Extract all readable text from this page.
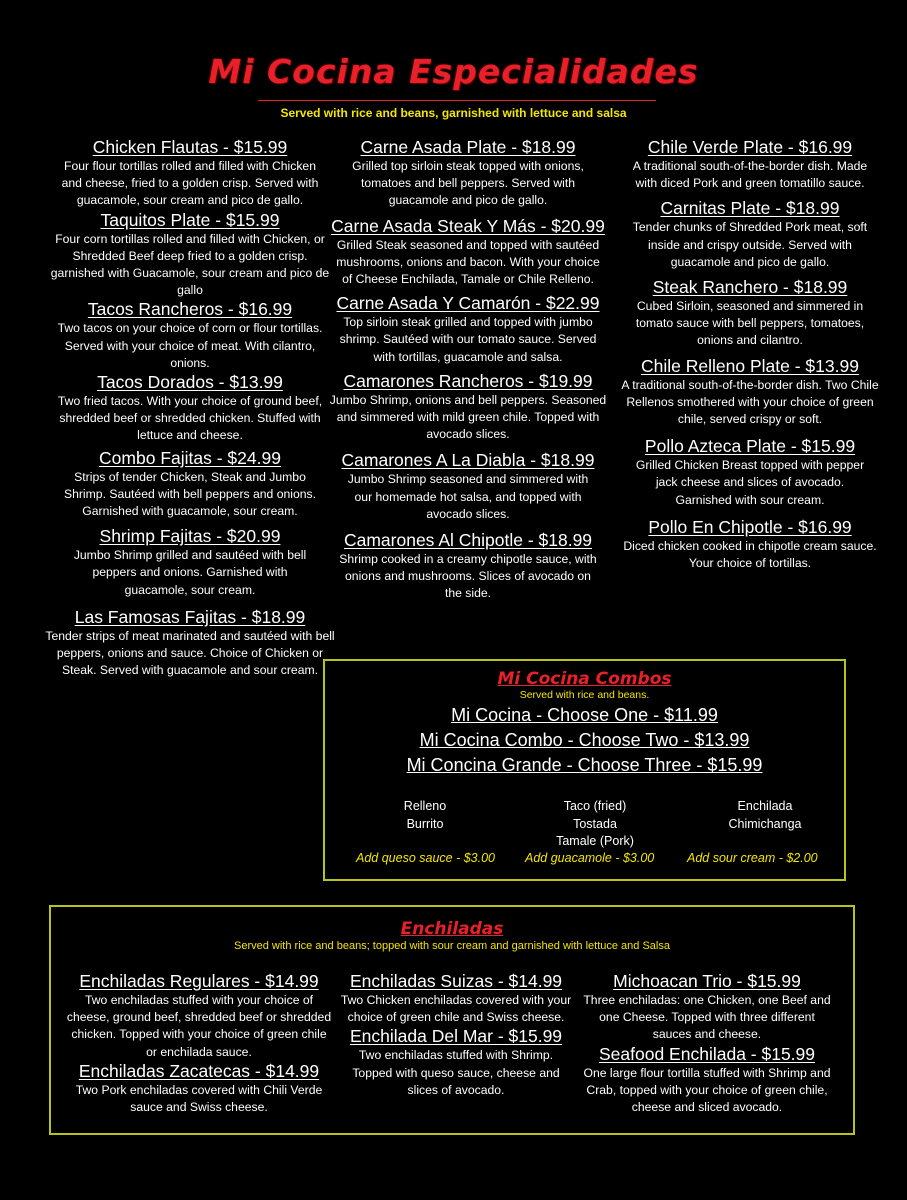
Mi Cocina Especialidades
Served with rice and beans, garnished with lettuce and salsa
Chicken Flautas - $15.99
Four flour tortillas rolled and filled with Chicken and cheese, fried to a golden crisp. Served with guacamole, sour cream and pico de gallo.
Taquitos Plate - $15.99
Four corn tortillas rolled and filled with Chicken, or Shredded Beef deep fried to a golden crisp. garnished with Guacamole, sour cream and pico de gallo
Tacos Rancheros - $16.99
Two tacos on your choice of corn or flour tortillas. Served with your choice of meat. With cilantro, onions.
Tacos Dorados - $13.99
Two fried tacos. With your choice of ground beef, shredded beef or shredded chicken. Stuffed with lettuce and cheese.
Combo Fajitas - $24.99
Strips of tender Chicken, Steak and Jumbo Shrimp. Sautéed with bell peppers and onions. Garnished with guacamole, sour cream.
Shrimp Fajitas - $20.99
Jumbo Shrimp grilled and sautéed with bell peppers and onions. Garnished with guacamole, sour cream.
Las Famosas Fajitas - $18.99
Tender strips of meat marinated and sautéed with bell peppers, onions and sauce. Choice of Chicken or Steak. Served with guacamole and sour cream.
Carne Asada Plate - $18.99
Grilled top sirloin steak topped with onions, tomatoes and bell peppers. Served with guacamole and pico de gallo.
Carne Asada Steak Y Más - $20.99
Grilled Steak seasoned and topped with sautéed mushrooms, onions and bacon. With your choice of Cheese Enchilada, Tamale or Chile Relleno.
Carne Asada Y Camarón - $22.99
Top sirloin steak grilled and topped with jumbo shrimp. Sautéed with our tomato sauce. Served with tortillas, guacamole and salsa.
Camarones Rancheros - $19.99
Jumbo Shrimp, onions and bell peppers. Seasoned and simmered with mild green chile. Topped with avocado slices.
Camarones A La Diabla - $18.99
Jumbo Shrimp seasoned and simmered with our homemade hot salsa, and topped with avocado slices.
Camarones Al Chipotle - $18.99
Shrimp cooked in a creamy chipotle sauce, with onions and mushrooms. Slices of avocado on the side.
Chile Verde Plate - $16.99
A traditional south-of-the-border dish. Made with diced Pork and green tomatillo sauce.
Carnitas Plate - $18.99
Tender chunks of Shredded Pork meat, soft inside and crispy outside. Served with guacamole and pico de gallo.
Steak Ranchero - $18.99
Cubed Sirloin, seasoned and simmered in tomato sauce with bell peppers, tomatoes, onions and cilantro.
Chile Relleno Plate - $13.99
A traditional south-of-the-border dish. Two Chile Rellenos smothered with your choice of green chile, served crispy or soft.
Pollo Azteca Plate - $15.99
Grilled Chicken Breast topped with pepper jack cheese and slices of avocado. Garnished with sour cream.
Pollo En Chipotle - $16.99
Diced chicken cooked in chipotle cream sauce. Your choice of tortillas.
Mi Cocina Combos
Served with rice and beans.
Mi Cocina - Choose One - $11.99
Mi Cocina Combo - Choose Two - $13.99
Mi Concina Grande - Choose Three - $15.99
Relleno
Burrito
Taco (fried)
Tostada
Tamale (Pork)
Enchilada
Chimichanga
Add queso sauce - $3.00 Add guacamole - $3.00	Add sour cream - $2.00
Enchiladas
Served with rice and beans; topped with sour cream and garnished with lettuce and Salsa
Enchiladas Regulares - $14.99
Two enchiladas stuffed with your choice of cheese, ground beef, shredded beef or shredded chicken. Topped with your choice of green chile or enchilada sauce.
Enchiladas Zacatecas - $14.99
Two Pork enchiladas covered with Chili Verde sauce and Swiss cheese.
Enchiladas Suizas - $14.99
Two Chicken enchiladas covered with your choice of green chile and Swiss cheese.
Enchilada Del Mar - $15.99
Two enchiladas stuffed with Shrimp. Topped with queso sauce, cheese and slices of avocado.
Michoacan Trio - $15.99
Three enchiladas: one Chicken, one Beef and one Cheese. Topped with three different sauces and cheese.
Seafood Enchilada - $15.99
One large flour tortilla stuffed with Shrimp and Crab, topped with your choice of green chile, cheese and sliced avocado.
